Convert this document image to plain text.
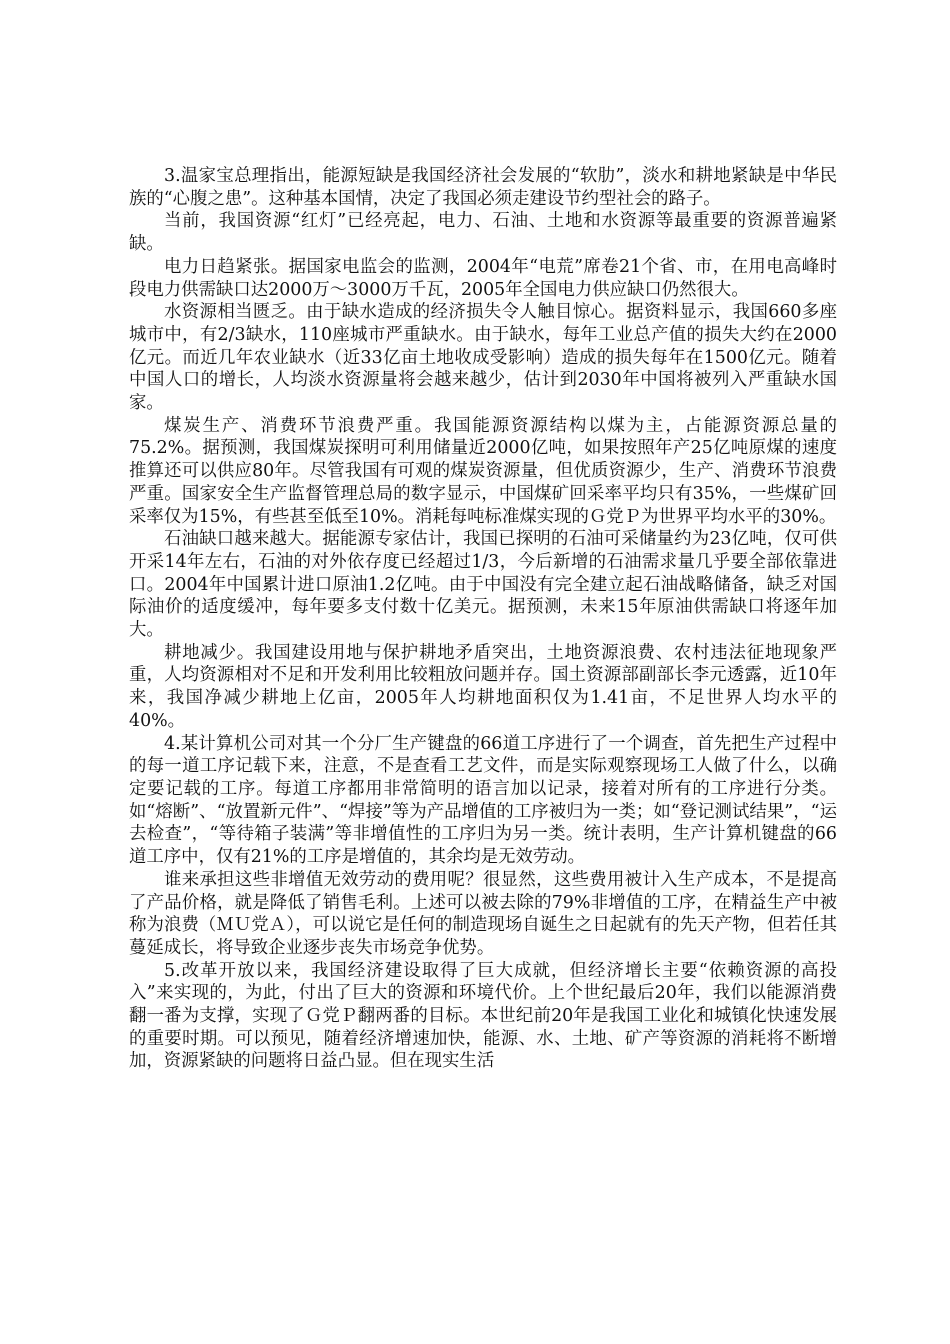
3.温家宝总理指出，能源短缺是我国经济社会发展的“软肋”，淡水和耕地紧缺是中华民族的“心腹之患”。这种基本国情，决定了我国必须走建设节约型社会的路子。

当前，我国资源“红灯”已经亮起，电力、石油、土地和水资源等最重要的资源普遍紧缺。

电力日趋紧张。据国家电监会的监测，2004年“电荒”席卷21个省、市，在用电高峰时段电力供需缺口达2000万～3000万千瓦，2005年全国电力供应缺口仍然很大。

水资源相当匮乏。由于缺水造成的经济损失令人触目惊心。据资料显示，我国660多座城市中，有2/3缺水，110座城市严重缺水。由于缺水，每年工业总产值的损失大约在2000亿元。而近几年农业缺水（近33亿亩土地收成受影响）造成的损失每年在1500亿元。随着中国人口的增长，人均淡水资源量将会越来越少，估计到2030年中国将被列入严重缺水国家。

煤炭生产、消费环节浪费严重。我国能源资源结构以煤为主，占能源资源总量的75.2%。据预测，我国煤炭探明可利用储量近2000亿吨，如果按照年产25亿吨原煤的速度推算还可以供应80年。尽管我国有可观的煤炭资源量，但优质资源少，生产、消费环节浪费严重。国家安全生产监督管理总局的数字显示，中国煤矿回采率平均只有35%，一些煤矿回采率仅为15%，有些甚至低至10%。消耗每吨标准煤实现的Ｇ党Ｐ为世界平均水平的30%。

石油缺口越来越大。据能源专家估计，我国已探明的石油可采储量约为23亿吨，仅可供开采14年左右，石油的对外依存度已经超过1/3，今后新增的石油需求量几乎要全部依靠进口。2004年中国累计进口原油1.2亿吨。由于中国没有完全建立起石油战略储备，缺乏对国际油价的适度缓冲，每年要多支付数十亿美元。据预测，未来15年原油供需缺口将逐年加大。

耕地减少。我国建设用地与保护耕地矛盾突出，土地资源浪费、农村违法征地现象严重，人均资源相对不足和开发利用比较粗放问题并存。国土资源部副部长李元透露，近10年来，我国净减少耕地上亿亩，2005年人均耕地面积仅为1.41亩，不足世界人均水平的40%。

4.某计算机公司对其一个分厂生产键盘的66道工序进行了一个调查，首先把生产过程中的每一道工序记载下来，注意，不是查看工艺文件，而是实际观察现场工人做了什么，以确定要记载的工序。每道工序都用非常简明的语言加以记录，接着对所有的工序进行分类。如“熔断”、“放置新元件”、“焊接”等为产品增值的工序被归为一类；如“登记测试结果”，“运去检查”，“等待箱子装满”等非增值性的工序归为另一类。统计表明，生产计算机键盘的66道工序中，仅有21%的工序是增值的，其余均是无效劳动。

谁来承担这些非增值无效劳动的费用呢？很显然，这些费用被计入生产成本，不是提高了产品价格，就是降低了销售毛利。上述可以被去除的79%非增值的工序，在精益生产中被称为浪费（ＭＵ党Ａ），可以说它是任何的制造现场自诞生之日起就有的先天产物，但若任其蔓延成长，将导致企业逐步丧失市场竞争优势。

5.改革开放以来，我国经济建设取得了巨大成就，但经济增长主要“依赖资源的高投入”来实现的，为此，付出了巨大的资源和环境代价。上个世纪最后20年，我们以能源消费翻一番为支撑，实现了Ｇ党Ｐ翻两番的目标。本世纪前20年是我国工业化和城镇化快速发展的重要时期。可以预见，随着经济增速加快，能源、水、土地、矿产等资源的消耗将不断增加，资源紧缺的问题将日益凸显。但在现实生活
